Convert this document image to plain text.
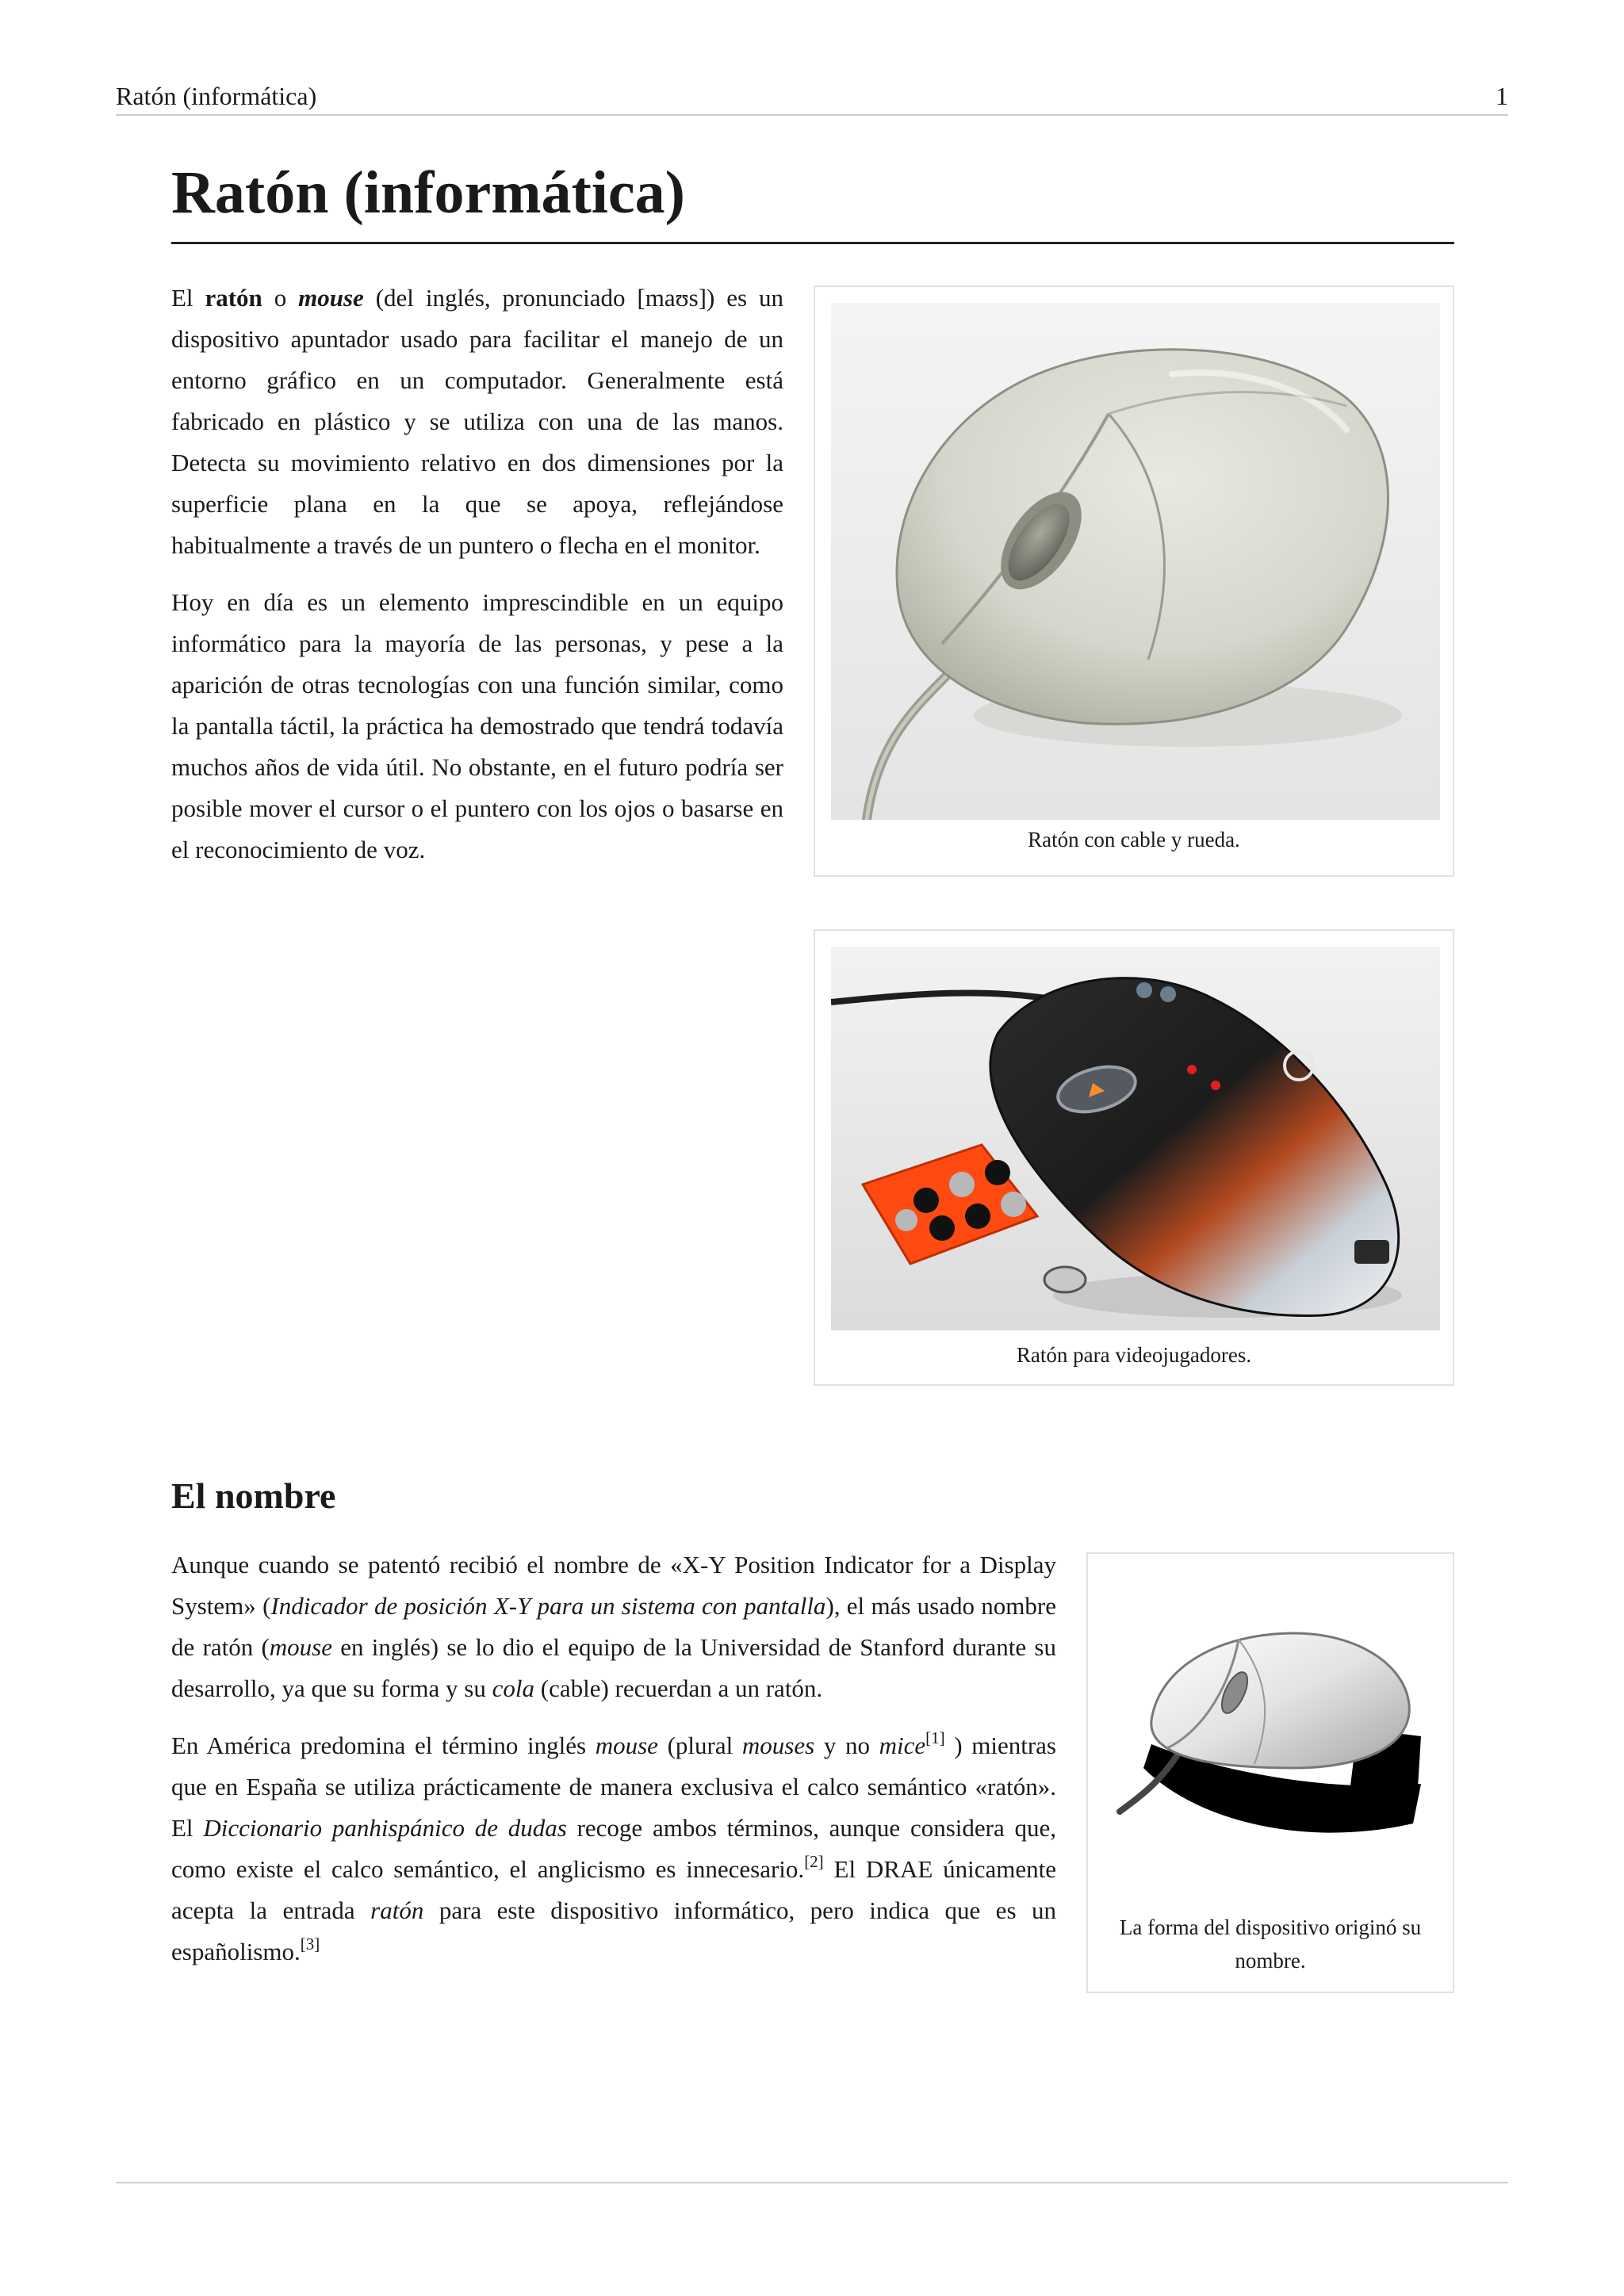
Ratón (informática)	1
Ratón (informática)

El ratón o mouse (del inglés, pronunciado [maʊs]) es un dispositivo apuntador usado para facilitar el manejo de un entorno gráfico en un computador. Generalmente está fabricado en plástico y se utiliza con una de las manos. Detecta su movimiento relativo en dos dimensiones por la superficie plana en la que se apoya, reflejándose habitualmente a través de un puntero o flecha en el monitor.

Hoy en día es un elemento imprescindible en un equipo informático para la mayoría de las personas, y pese a la aparición de otras tecnologías con una función similar, como la pantalla táctil, la práctica ha demostrado que tendrá todavía muchos años de vida útil. No obstante, en el futuro podría ser posible mover el cursor o el puntero con los ojos o basarse en el reconocimiento de voz.	Ratón con cable y rueda.
Ratón para videojugadores.
El nombre

Aunque cuando se patentó recibió el nombre de «X-Y Position Indicator for a Display System» (Indicador de posición X-Y para un sistema con pantalla), el más usado nombre de ratón (mouse en inglés) se lo dio el equipo de la Universidad de Stanford durante su desarrollo, ya que su forma y su cola (cable) recuerdan a un ratón.

En América predomina el término inglés mouse (plural mouses y no mice[1] ) mientras que en España se utiliza prácticamente de manera exclusiva el calco semántico «ratón». El Diccionario panhispánico de dudas recoge ambos términos, aunque considera que, como existe el calco semántico, el anglicismo es innecesario.[2] El DRAE únicamente acepta la entrada ratón para este dispositivo informático, pero indica que es un españolismo.[3]

La forma del dispositivo originó su nombre.
